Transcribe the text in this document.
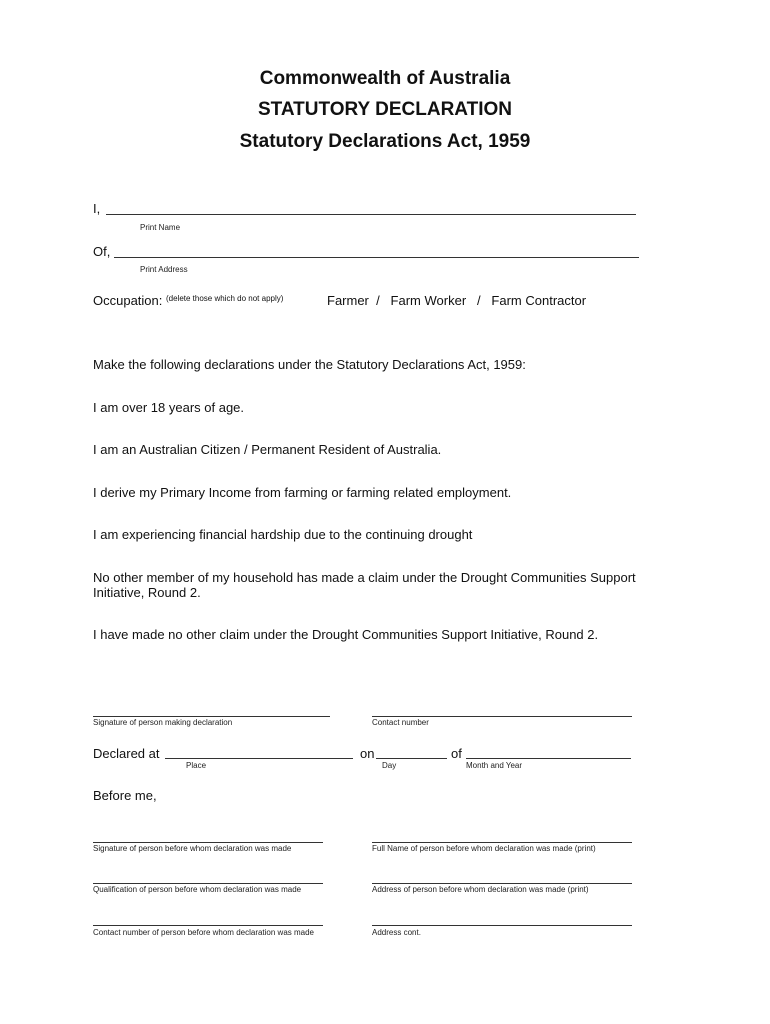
Commonwealth of Australia
STATUTORY DECLARATION
Statutory Declarations Act, 1959
I,
Print Name
Of,
Print Address
Occupation: (delete those which do not apply)	Farmer  /   Farm Worker   /   Farm Contractor
Make the following declarations under the Statutory Declarations Act, 1959:
I am over 18 years of age.
I am an Australian Citizen / Permanent Resident of Australia.
I derive my Primary Income from farming or farming related employment.
I am experiencing financial hardship due to the continuing drought
No other member of my household has made a claim under the Drought Communities Support Initiative, Round 2.
I have made no other claim under the Drought Communities Support Initiative, Round 2.
Signature of person making declaration	Contact number
Declared at	on	of
Place	Day	Month and Year
Before me,
Signature of person before whom declaration was made	Full Name of person before whom declaration was made (print)
Qualification of person before whom declaration was made	Address of person before whom declaration was made (print)
Contact number of person before whom declaration was made	Address cont.
